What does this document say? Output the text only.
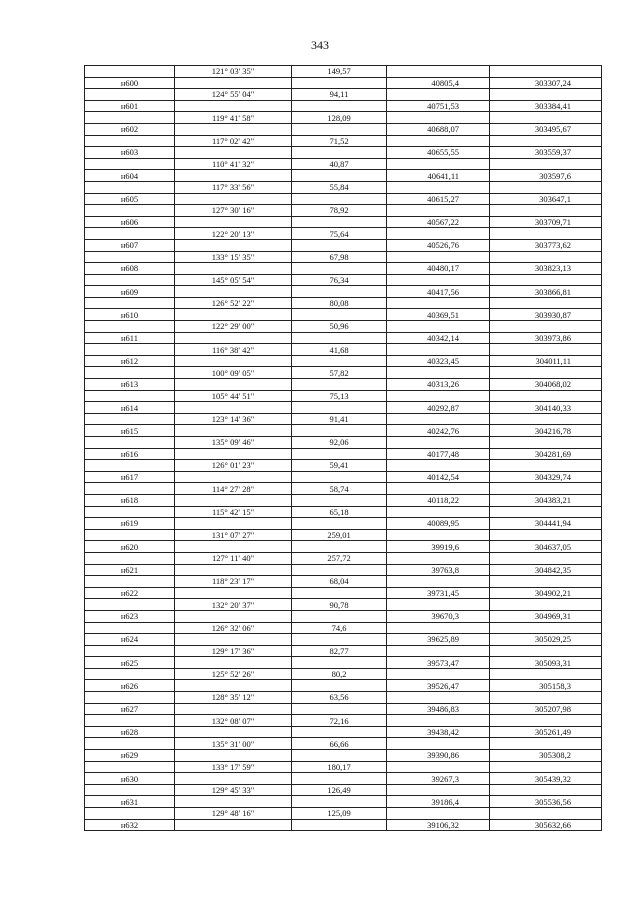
343
	121° 03' 35"	149,57		
н600			40805,4	303307,24
	124° 55' 04"	94,11		
н601			40751,53	303384,41
	119° 41' 58"	128,09		
н602			40688,07	303495,67
	117° 02' 42"	71,52		
н603			40655,55	303559,37
	110° 41' 32"	40,87		
н604			40641,11	303597,6
	117° 33' 56"	55,84		
н605			40615,27	303647,1
	127° 30' 16"	78,92		
н606			40567,22	303709,71
	122° 20' 13"	75,64		
н607			40526,76	303773,62
	133° 15' 35"	67,98		
н608			40480,17	303823,13
	145° 05' 54"	76,34		
н609			40417,56	303866,81
	126° 52' 22"	80,08		
н610			40369,51	303930,87
	122° 29' 00"	50,96		
н611			40342,14	303973,86
	116° 38' 42"	41,68		
н612			40323,45	304011,11
	100° 09' 05"	57,82		
н613			40313,26	304068,02
	105° 44' 51"	75,13		
н614			40292,87	304140,33
	123° 14' 36"	91,41		
н615			40242,76	304216,78
	135° 09' 46"	92,06		
н616			40177,48	304281,69
	126° 01' 23"	59,41		
н617			40142,54	304329,74
	114° 27' 28"	58,74		
н618			40118,22	304383,21
	115° 42' 15"	65,18		
н619			40089,95	304441,94
	131° 07' 27"	259,01		
н620			39919,6	304637,05
	127° 11' 40"	257,72		
н621			39763,8	304842,35
	118° 23' 17"	68,04		
н622			39731,45	304902,21
	132° 20' 37"	90,78		
н623			39670,3	304969,31
	126° 32' 06"	74,6		
н624			39625,89	305029,25
	129° 17' 36"	82,77		
н625			39573,47	305093,31
	125° 52' 26"	80,2		
н626			39526,47	305158,3
	128° 35' 12"	63,56		
н627			39486,83	305207,98
	132° 08' 07"	72,16		
н628			39438,42	305261,49
	135° 31' 00"	66,66		
н629			39390,86	305308,2
	133° 17' 59"	180,17		
н630			39267,3	305439,32
	129° 45' 33"	126,49		
н631			39186,4	305536,56
	129° 48' 16"	125,09		
н632			39106,32	305632,66
